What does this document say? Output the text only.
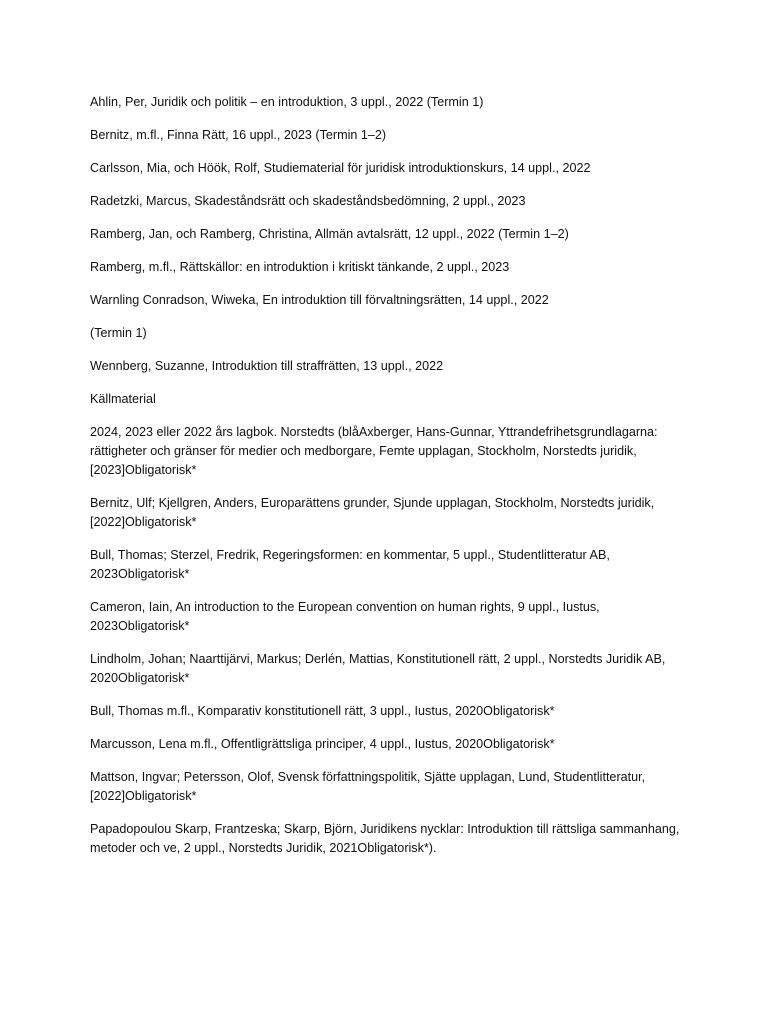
Ahlin, Per, Juridik och politik – en introduktion, 3 uppl., 2022 (Termin 1)

Bernitz, m.fl., Finna Rätt, 16 uppl., 2023 (Termin 1–2)

Carlsson, Mia, och Höök, Rolf, Studiematerial för juridisk introduktionskurs, 14 uppl., 2022

Radetzki, Marcus, Skadeståndsrätt och skadeståndsbedömning, 2 uppl., 2023

Ramberg, Jan, och Ramberg, Christina, Allmän avtalsrätt, 12 uppl., 2022 (Termin 1–2)

Ramberg, m.fl., Rättskällor: en introduktion i kritiskt tänkande, 2 uppl., 2023

Warnling Conradson, Wiweka, En introduktion till förvaltningsrätten, 14 uppl., 2022

(Termin 1)

Wennberg, Suzanne, Introduktion till straffrätten, 13 uppl., 2022

Källmaterial

2024, 2023 eller 2022 års lagbok. Norstedts (blåAxberger, Hans-Gunnar, Yttrandefrihetsgrundlagarna: rättigheter och gränser för medier och medborgare, Femte upplagan, Stockholm, Norstedts juridik, [2023]Obligatorisk*

Bernitz, Ulf; Kjellgren, Anders, Europarättens grunder, Sjunde upplagan, Stockholm, Norstedts juridik, [2022]Obligatorisk*

Bull, Thomas; Sterzel, Fredrik, Regeringsformen: en kommentar, 5 uppl., Studentlitteratur AB, 2023Obligatorisk*

Cameron, Iain, An introduction to the European convention on human rights, 9 uppl., Iustus, 2023Obligatorisk*

Lindholm, Johan; Naarttijärvi, Markus; Derlén, Mattias, Konstitutionell rätt, 2 uppl., Norstedts Juridik AB, 2020Obligatorisk*

Bull, Thomas m.fl., Komparativ konstitutionell rätt, 3 uppl., Iustus, 2020Obligatorisk*

Marcusson, Lena m.fl., Offentligrättsliga principer, 4 uppl., Iustus, 2020Obligatorisk*

Mattson, Ingvar; Petersson, Olof, Svensk författningspolitik, Sjätte upplagan, Lund, Studentlitteratur, [2022]Obligatorisk*

Papadopoulou Skarp, Frantzeska; Skarp, Björn, Juridikens nycklar: Introduktion till rättsliga sammanhang, metoder och ve, 2 uppl., Norstedts Juridik, 2021Obligatorisk*).
